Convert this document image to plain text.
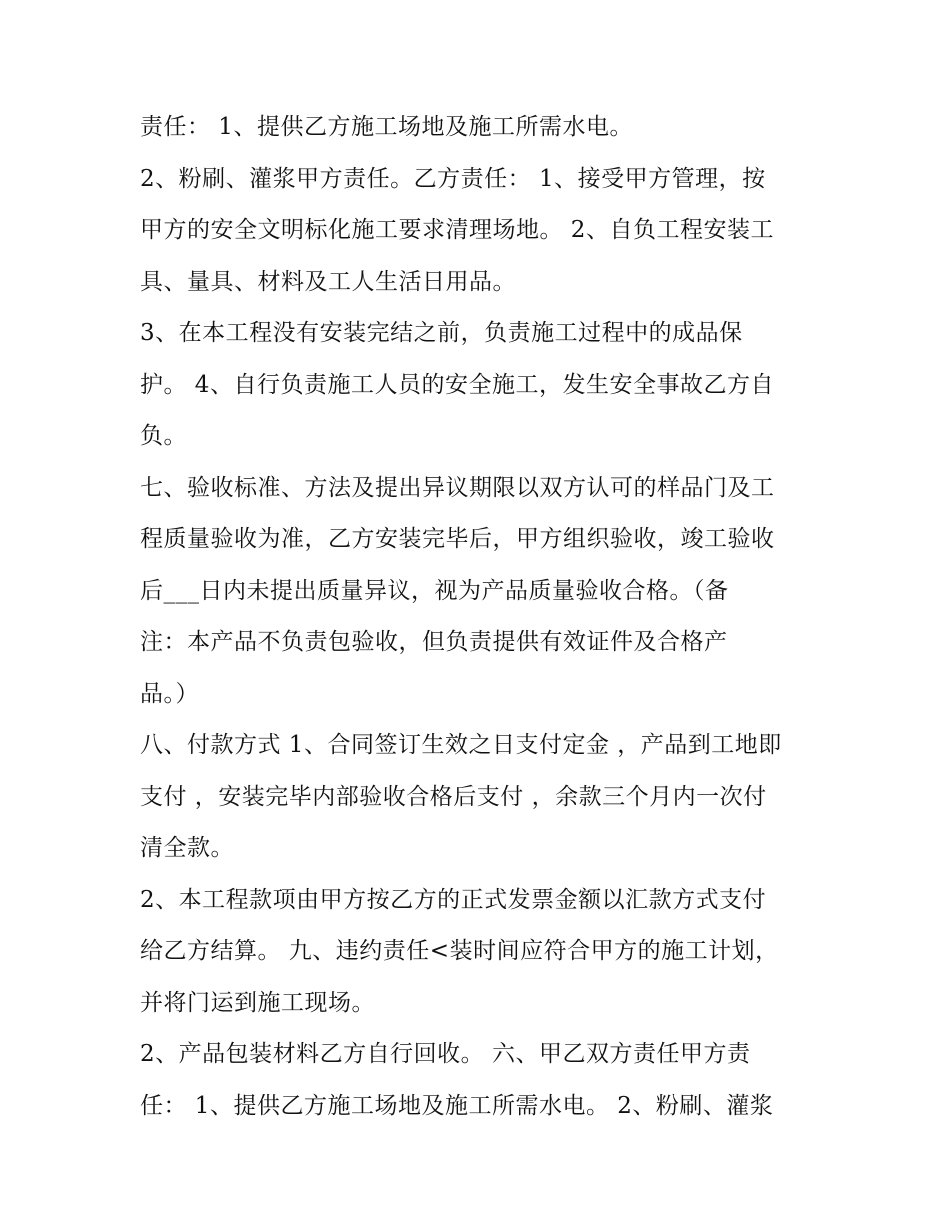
责任： 1、提供乙方施工场地及施工所需水电。
2、粉刷、灌浆甲方责任。乙方责任： 1、接受甲方管理，按
甲方的安全文明标化施工要求清理场地。 2、自负工程安装工
具、量具、材料及工人生活日用品。
3、在本工程没有安装完结之前，负责施工过程中的成品保
护。 4、自行负责施工人员的安全施工，发生安全事故乙方自
负。
七、验收标准、方法及提出异议期限以双方认可的样品门及工
程质量验收为准，乙方安装完毕后，甲方组织验收，竣工验收
后___日内未提出质量异议，视为产品质量验收合格。（备
注：本产品不负责包验收，但负责提供有效证件及合格产
品。）
八、付款方式 1、合同签订生效之日支付定金 ，产品到工地即
支付 ，安装完毕内部验收合格后支付 ，余款三个月内一次付
清全款。
2、本工程款项由甲方按乙方的正式发票金额以汇款方式支付
给乙方结算。 九、违约责任<装时间应符合甲方的施工计划，
并将门运到施工现场。
2、产品包装材料乙方自行回收。 六、甲乙双方责任甲方责
任： 1、提供乙方施工场地及施工所需水电。 2、粉刷、灌浆
